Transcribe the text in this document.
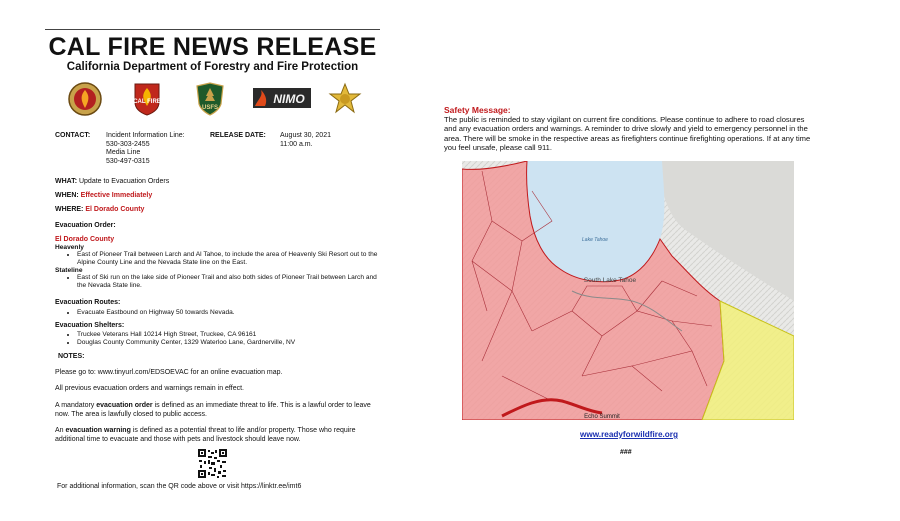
CAL FIRE NEWS RELEASE
California Department of Forestry and Fire Protection
CAL FIRE
USFS
NIMO
CONTACT: Incident Information Line:
530-303-2455
Media Line
530-497-0315
RELEASE DATE: August 30, 2021
11:00 a.m.
WHAT: Update to Evacuation Orders
WHEN: Effective Immediately
WHERE: El Dorado County
Evacuation Order:
El Dorado County
Heavenly
• East of Pioneer Trail between Larch and Al Tahoe, to include the area of Heavenly Ski Resort out to the Alpine County Line and the Nevada State line on the East.
Stateline
• East of Ski run on the lake side of Pioneer Trail and also both sides of Pioneer Trail between Larch and the Nevada State line.
Evacuation Routes:
• Evacuate Eastbound on Highway 50 towards Nevada.
Evacuation Shelters:
• Truckee Veterans Hall 10214 High Street, Truckee, CA 96161
• Douglas County Community Center, 1329 Waterloo Lane, Gardnerville, NV
NOTES:
Please go to: www.tinyurl.com/EDSOEVAC for an online evacuation map.
All previous evacuation orders and warnings remain in effect.
A mandatory evacuation order is defined as an immediate threat to life. This is a lawful order to leave now. The area is lawfully closed to public access.
An evacuation warning is defined as a potential threat to life and/or property. Those who require additional time to evacuate and those with pets and livestock should leave now.
For additional information, scan the QR code above or visit https://linktr.ee/imt6
Safety Message:
The public is reminded to stay vigilant on current fire conditions. Please continue to adhere to road closures and any evacuation orders and warnings. A reminder to drive slowly and yield to emergency personnel in the area. There will be smoke in the respective areas as firefighters continue firefighting operations. If at any time you feel unsafe, please call 911.
Lake Tahoe
South Lake Tahoe
Echo Summit
www.readyforwildfire.org
###
